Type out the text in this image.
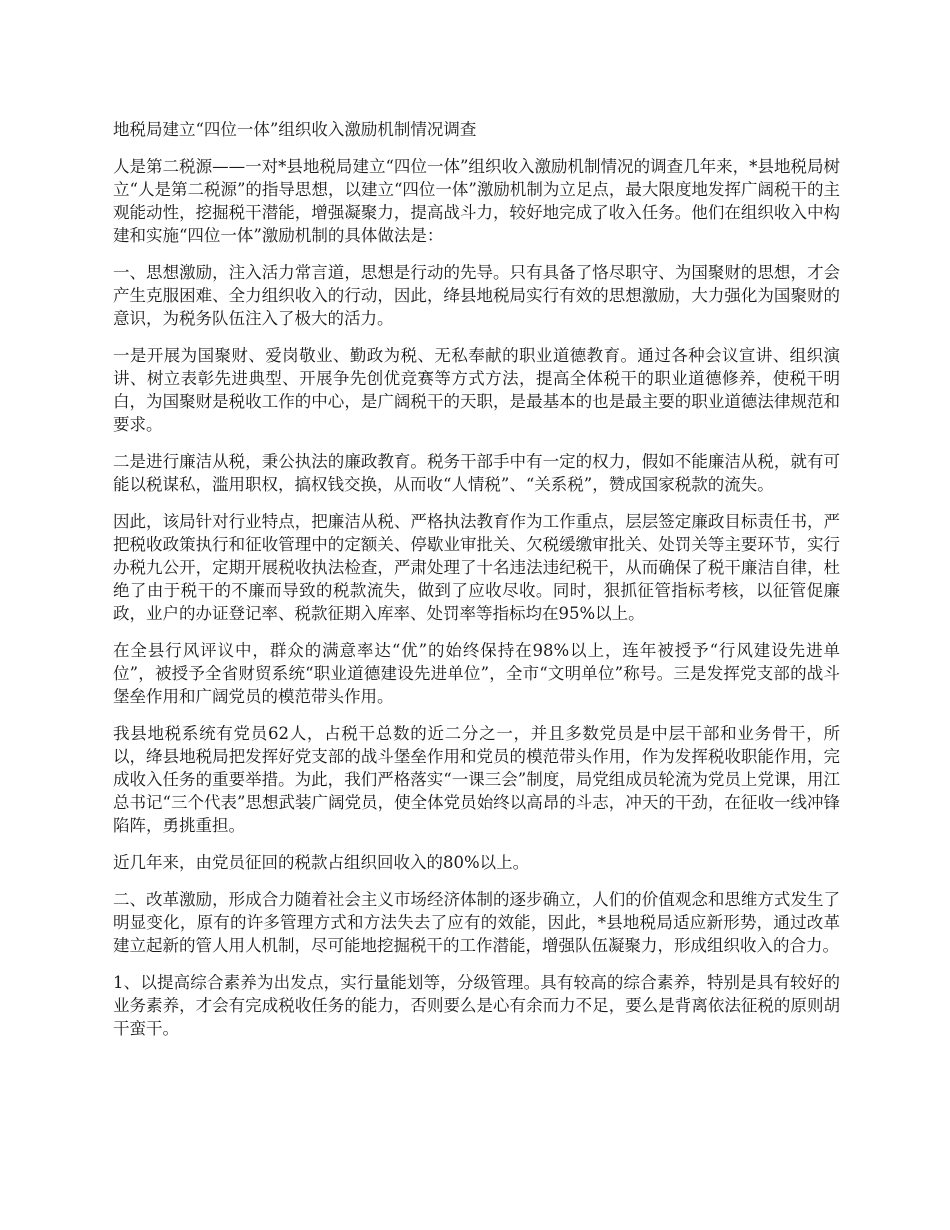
地税局建立“四位一体”组织收入激励机制情况调查

人是第二税源——一对*县地税局建立“四位一体”组织收入激励机制情况的调查几年来，*县地税局树立“人是第二税源”的指导思想，以建立“四位一体”激励机制为立足点，最大限度地发挥广阔税干的主观能动性，挖掘税干潜能，增强凝聚力，提高战斗力，较好地完成了收入任务。他们在组织收入中构建和实施“四位一体”激励机制的具体做法是：

一、思想激励，注入活力常言道，思想是行动的先导。只有具备了恪尽职守、为国聚财的思想，才会产生克服困难、全力组织收入的行动，因此，绛县地税局实行有效的思想激励，大力强化为国聚财的意识，为税务队伍注入了极大的活力。

一是开展为国聚财、爱岗敬业、勤政为税、无私奉献的职业道德教育。通过各种会议宣讲、组织演讲、树立表彰先进典型、开展争先创优竞赛等方式方法，提高全体税干的职业道德修养，使税干明白，为国聚财是税收工作的中心，是广阔税干的天职，是最基本的也是最主要的职业道德法律规范和要求。

二是进行廉洁从税，秉公执法的廉政教育。税务干部手中有一定的权力，假如不能廉洁从税，就有可能以税谋私，滥用职权，搞权钱交换，从而收“人情税”、“关系税”，赞成国家税款的流失。

因此，该局针对行业特点，把廉洁从税、严格执法教育作为工作重点，层层签定廉政目标责任书，严把税收政策执行和征收管理中的定额关、停歇业审批关、欠税缓缴审批关、处罚关等主要环节，实行办税九公开，定期开展税收执法检查，严肃处理了十名违法违纪税干，从而确保了税干廉洁自律，杜绝了由于税干的不廉而导致的税款流失，做到了应收尽收。同时，狠抓征管指标考核，以征管促廉政，业户的办证登记率、税款征期入库率、处罚率等指标均在95%以上。

在全县行风评议中，群众的满意率达“优”的始终保持在98%以上，连年被授予“行风建设先进单位”，被授予全省财贸系统“职业道德建设先进单位”，全市“文明单位”称号。三是发挥党支部的战斗堡垒作用和广阔党员的模范带头作用。

我县地税系统有党员62人，占税干总数的近二分之一，并且多数党员是中层干部和业务骨干，所以，绛县地税局把发挥好党支部的战斗堡垒作用和党员的模范带头作用，作为发挥税收职能作用，完成收入任务的重要举措。为此，我们严格落实“一课三会”制度，局党组成员轮流为党员上党课，用江总书记“三个代表”思想武装广阔党员，使全体党员始终以高昂的斗志，冲天的干劲，在征收一线冲锋陷阵，勇挑重担。

近几年来，由党员征回的税款占组织回收入的80%以上。

二、改革激励，形成合力随着社会主义市场经济体制的逐步确立，人们的价值观念和思维方式发生了明显变化，原有的许多管理方式和方法失去了应有的效能，因此，*县地税局适应新形势，通过改革建立起新的管人用人机制，尽可能地挖掘税干的工作潜能，增强队伍凝聚力，形成组织收入的合力。

1、以提高综合素养为出发点，实行量能划等，分级管理。具有较高的综合素养，特别是具有较好的业务素养，才会有完成税收任务的能力，否则要么是心有余而力不足，要么是背离依法征税的原则胡干蛮干。
